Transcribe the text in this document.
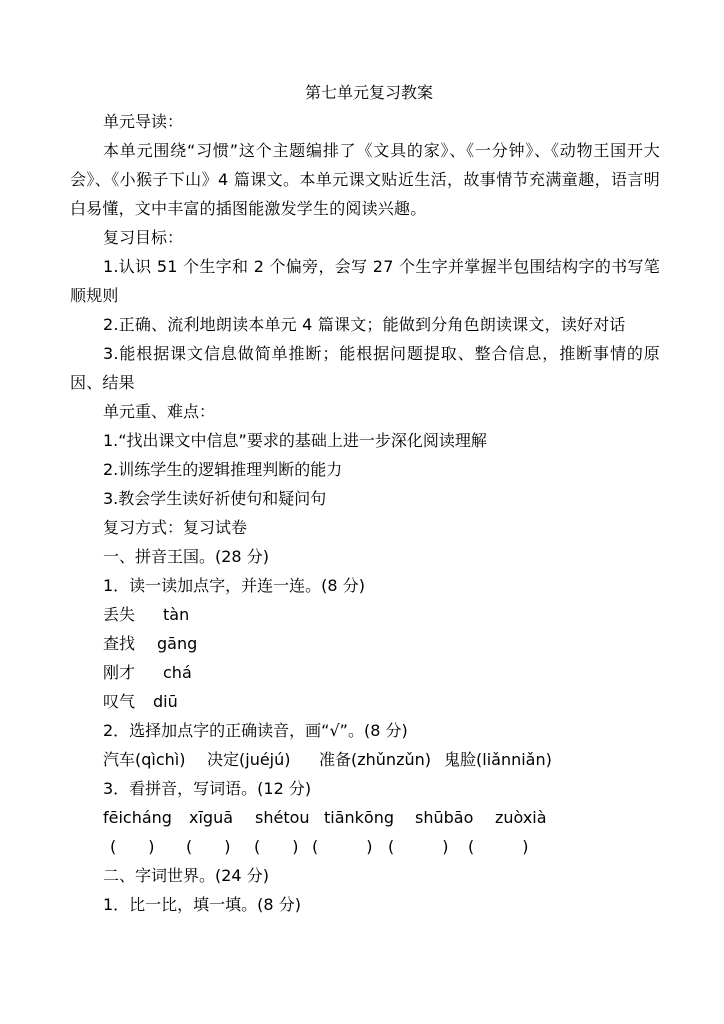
第七单元复习教案

单元导读：

本单元围绕“习惯”这个主题编排了《文具的家》、《一分钟》、《动物王国开大会》、《小猴子下山》4 篇课文。本单元课文贴近生活，故事情节充满童趣，语言明白易懂，文中丰富的插图能激发学生的阅读兴趣。

复习目标：

1.认识 51 个生字和 2 个偏旁，会写 27 个生字并掌握半包围结构字的书写笔顺规则

2.正确、流利地朗读本单元 4 篇课文；能做到分角色朗读课文，读好对话

3.能根据课文信息做简单推断；能根据问题提取、整合信息，推断事情的原因、结果

单元重、难点：

1.“找出课文中信息”要求的基础上进一步深化阅读理解

2.训练学生的逻辑推理判断的能力

3.教会学生读好祈使句和疑问句

复习方式：复习试卷

一、拼音王国。(28 分)

1．读一读加点字，并连一连。(8 分)

丢失 tàn

查找 gāng

刚才 chá

叹气 diū

2．选择加点字的正确读音，画“√”。(8 分)

汽车(qìchì) 决定(juéjú) 准备(zhǔnzǔn) 鬼脸(liǎnniǎn)

3．看拼音，写词语。(12 分)

fēicháng xīguā shétou tiānkōng shūbāo zuòxià

(　　) (　　) (　　) (　　　) (　　　) (　　　)

二、字词世界。(24 分)

1．比一比，填一填。(8 分)
